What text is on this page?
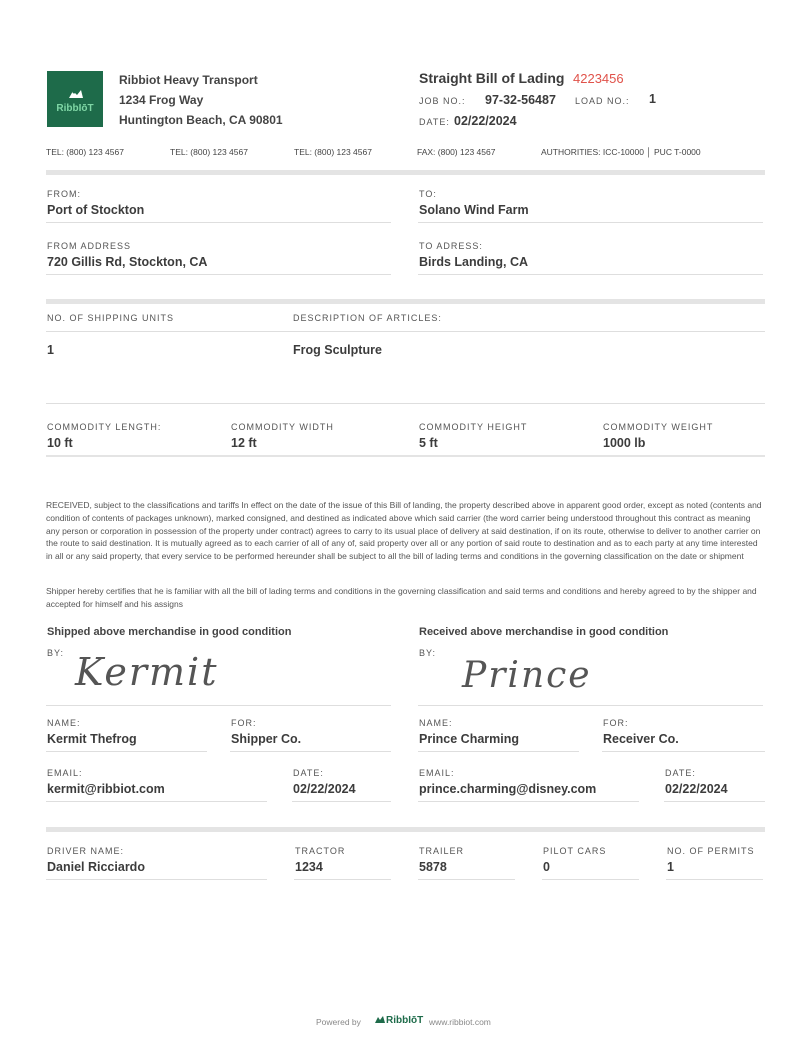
RibbIōT
Ribbiot Heavy Transport
1234 Frog Way
Huntington Beach, CA 90801
Straight Bill of Lading 4223456
JOB NO.: 97-32-56487 LOAD NO.: 1
DATE: 02/22/2024
TEL: (800) 123 4567	TEL: (800) 123 4567	TEL: (800) 123 4567	FAX: (800) 123 4567	AUTHORITIES: ICC-10000 │ PUC T-0000
FROM:
Port of Stockton
TO:
Solano Wind Farm
FROM ADDRESS
720 Gillis Rd, Stockton, CA
TO ADRESS:
Birds Landing, CA
NO. OF SHIPPING UNITS	DESCRIPTION OF ARTICLES:
1	Frog Sculpture
COMMODITY LENGTH:
10 ft
COMMODITY WIDTH
12 ft
COMMODITY HEIGHT
5 ft
COMMODITY WEIGHT
1000 lb
RECEIVED, subject to the classifications and tariffs In effect on the date of the issue of this Bill of landing, the property described above in apparent good order, except as noted (contents and condition of contents of packages unknown), marked consigned, and destined as indicated above which said carrier (the word carrier being understood throughout this contract as meaning any person or corporation in possession of the property under contract) agrees to carry to its usual place of delivery at said destination, if on its route, otherwise to deliver to another carrier on the route to said destination. It is mutually agreed as to each carrier of all of any of, said property over all or any portion of said route to destination and as to each party at any time interested in all or any said property, that every service to be performed hereunder shall be subject to all the bill of lading terms and conditions in the governing classification on the date or shipment
Shipper hereby certifies that he is familiar with all the bill of lading terms and conditions in the governing classification and said terms and conditions and hereby agreed to by the shipper and accepted for himself and his assigns
Shipped above merchandise in good condition
BY: Kermit
NAME:
Kermit Thefrog
FOR:
Shipper Co.
EMAIL:
kermit@ribbiot.com
DATE:
02/22/2024
Received above merchandise in good condition
BY:
Prince
NAME:
Prince Charming
FOR:
Receiver Co.
EMAIL:
prince.charming@disney.com
DATE:
02/22/2024
DRIVER NAME:
Daniel Ricciardo
TRACTOR
1234
TRAILER
5878
PILOT CARS
0
NO. OF PERMITS
1
Powered by	RibbIōT www.ribbiot.com
